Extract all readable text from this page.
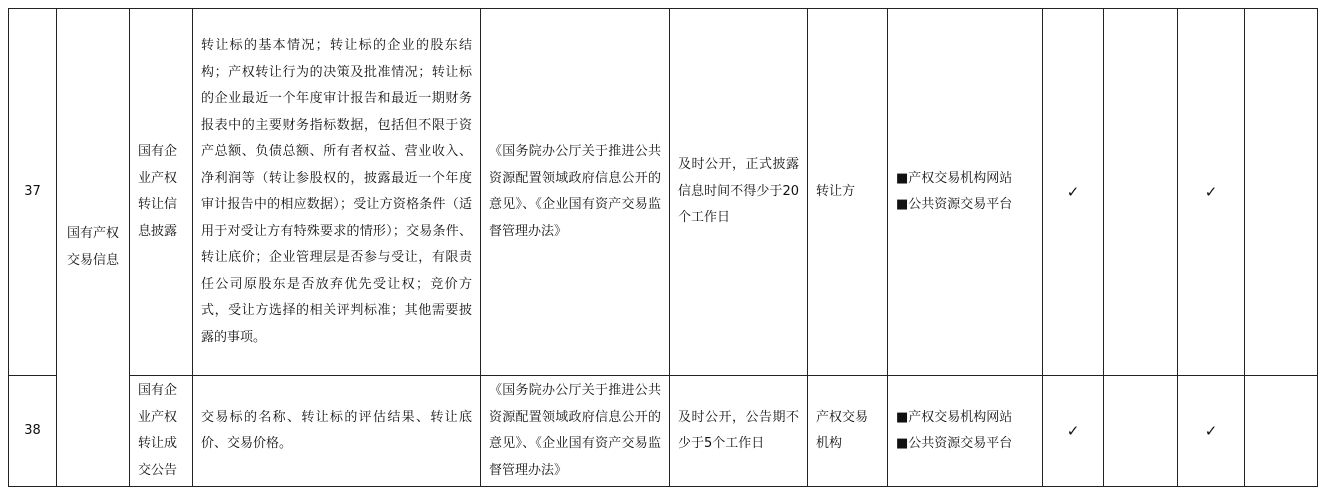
37	国有产权交易信息	国有企业产权转让信息披露	转让标的基本情况；转让标的企业的股东结构；产权转让行为的决策及批准情况；转让标的企业最近一个年度审计报告和最近一期财务报表中的主要财务指标数据，包括但不限于资产总额、负债总额、所有者权益、营业收入、净利润等（转让参股权的，披露最近一个年度审计报告中的相应数据）；受让方资格条件（适用于对受让方有特殊要求的情形）；交易条件、转让底价；企业管理层是否参与受让，有限责任公司原股东是否放弃优先受让权；竞价方式，受让方选择的相关评判标准；其他需要披露的事项。	《国务院办公厅关于推进公共资源配置领域政府信息公开的意见》、《企业国有资产交易监督管理办法》	及时公开，正式披露信息时间不得少于20个工作日	转让方	■产权交易机构网站
■公共资源交易平台	✓		✓	
38		国有企业产权转让成交公告	交易标的名称、转让标的评估结果、转让底价、交易价格。	《国务院办公厅关于推进公共资源配置领域政府信息公开的意见》、《企业国有资产交易监督管理办法》	及时公开，公告期不少于5个工作日	产权交易机构	■产权交易机构网站
■公共资源交易平台	✓		✓	
